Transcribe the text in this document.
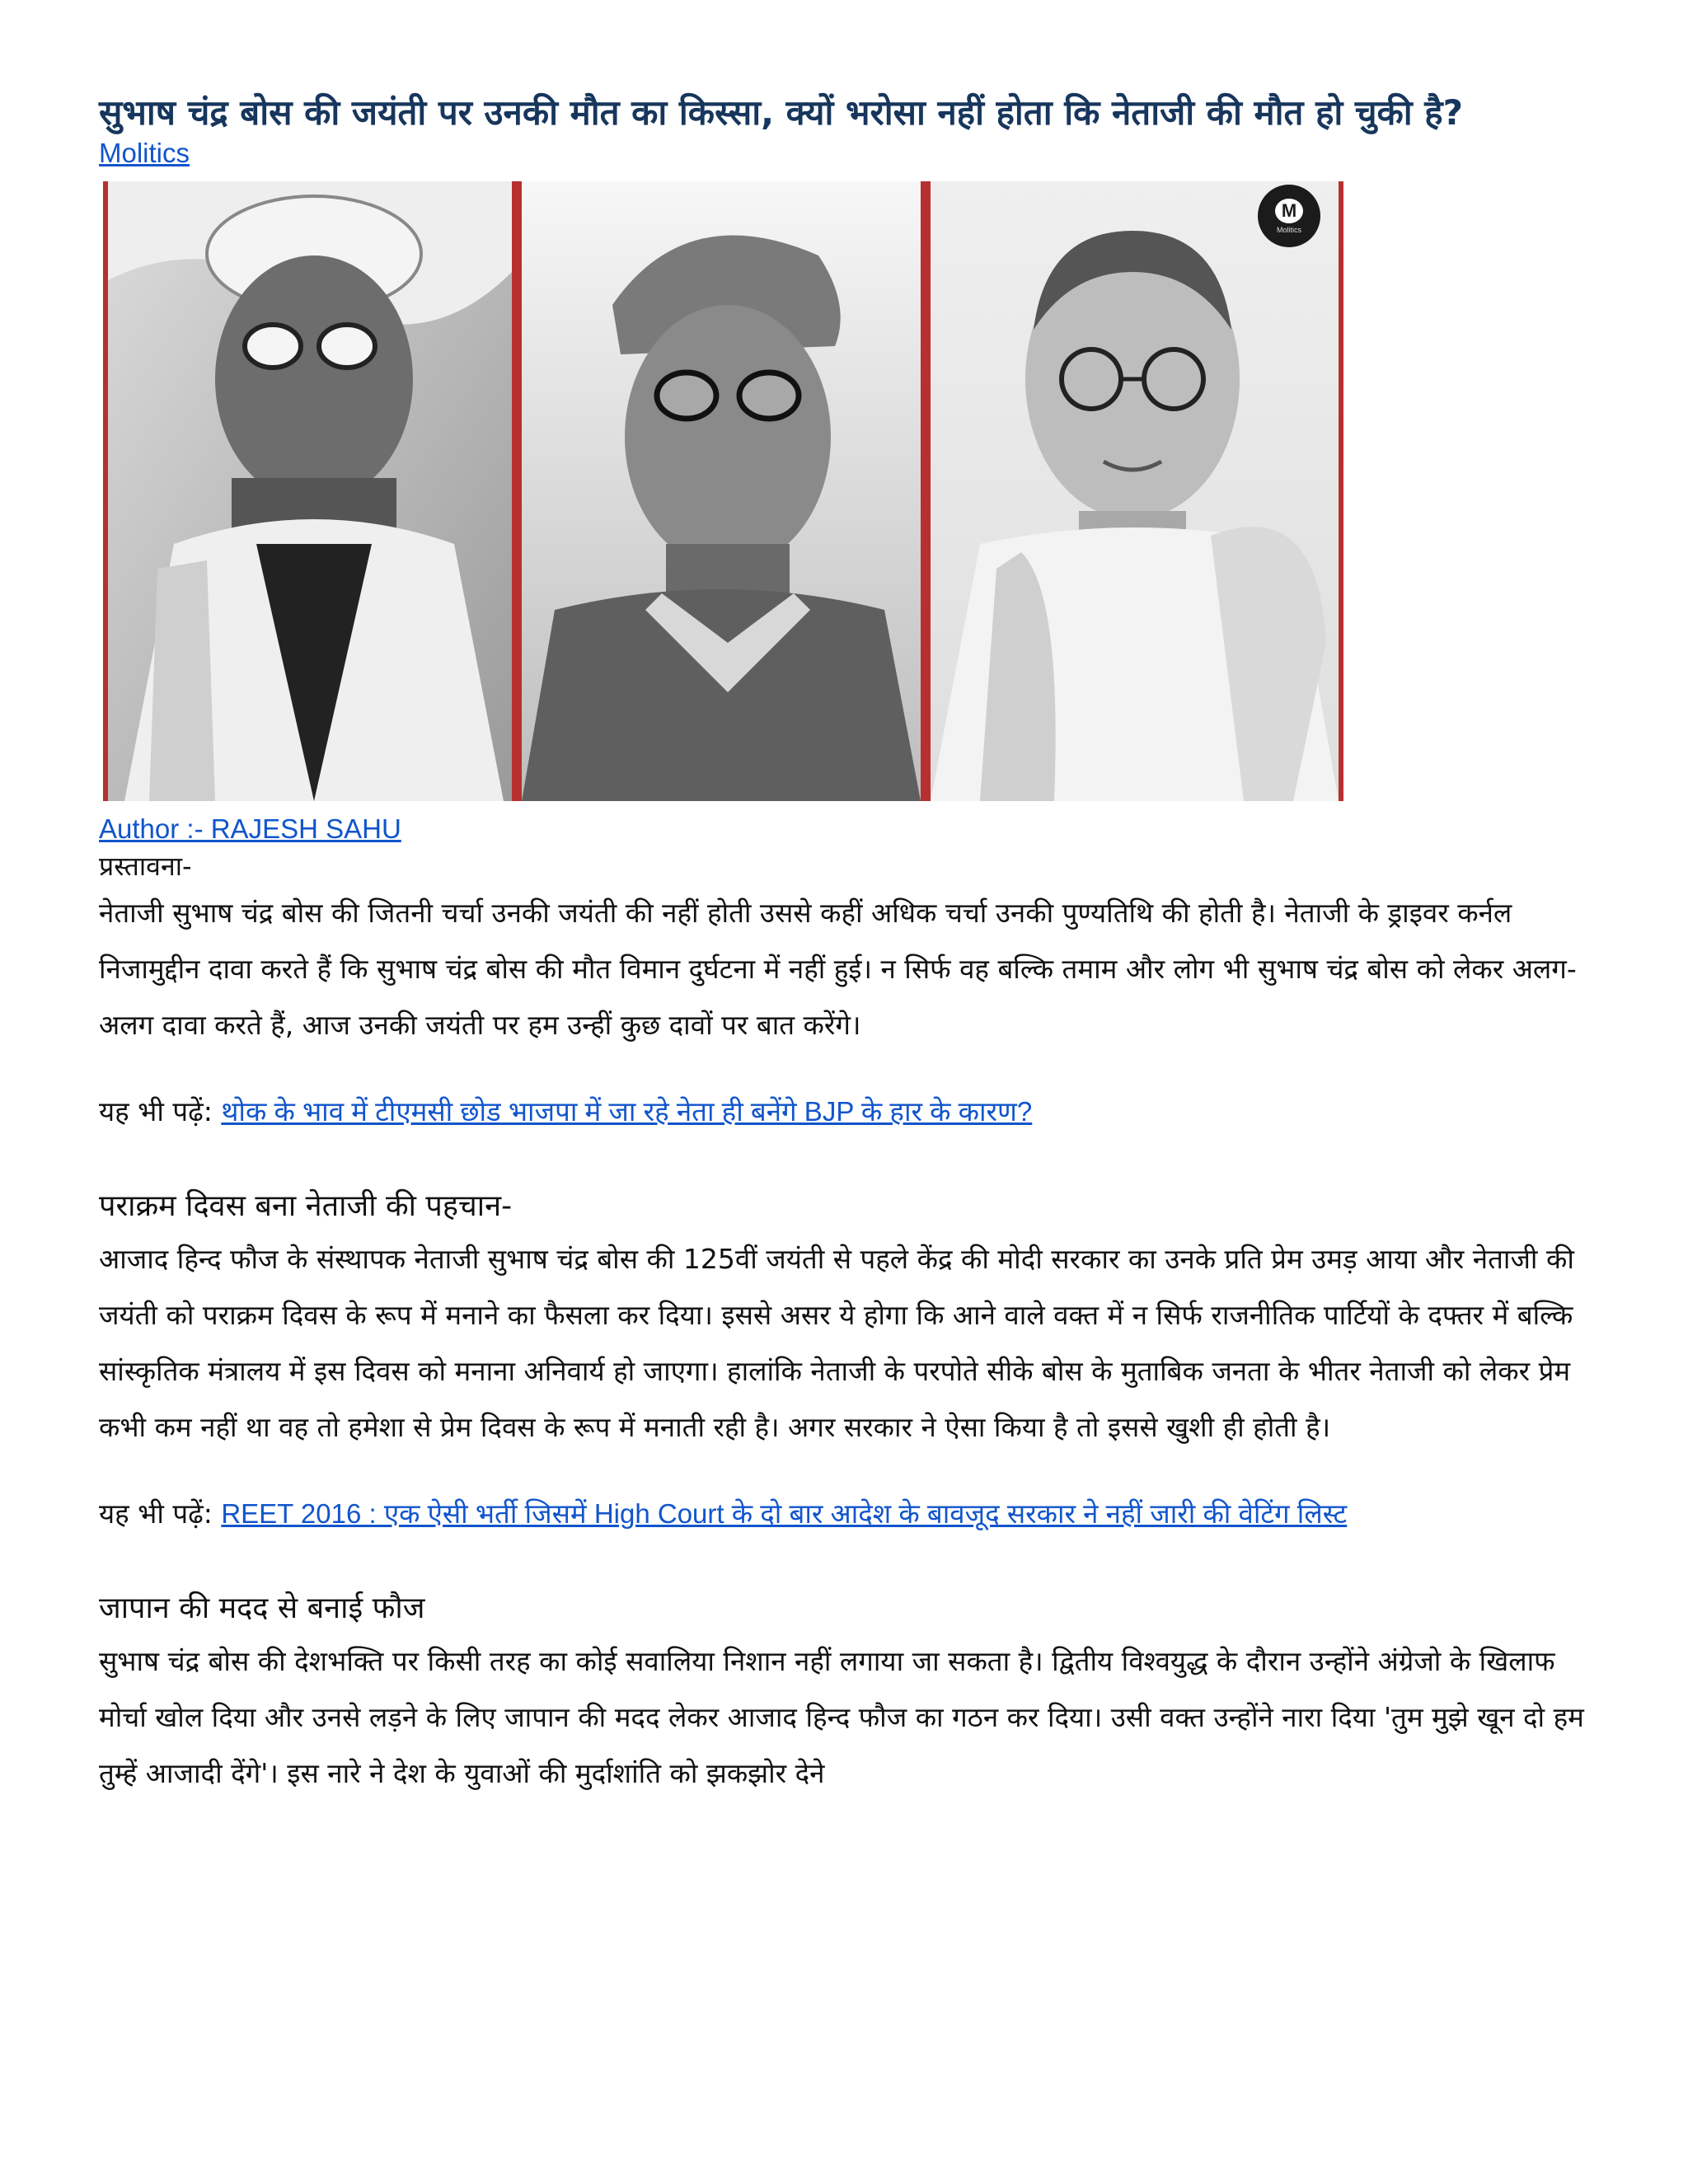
सुभाष चंद्र बोस की जयंती पर उनकी मौत का किस्सा, क्यों भरोसा नहीं होता कि नेताजी की मौत हो चुकी है?
Molitics
M
Molitics
Author :- RAJESH SAHU
प्रस्तावना-

नेताजी सुभाष चंद्र बोस की जितनी चर्चा उनकी जयंती की नहीं होती उससे कहीं अधिक चर्चा उनकी पुण्यतिथि की होती है। नेताजी के ड्राइवर कर्नल निजामुद्दीन दावा करते हैं कि सुभाष चंद्र बोस की मौत विमान दुर्घटना में नहीं हुई। न सिर्फ वह बल्कि तमाम और लोग भी सुभाष चंद्र बोस को लेकर अलग-अलग दावा करते हैं, आज उनकी जयंती पर हम उन्हीं कुछ दावों पर बात करेंगे।

यह भी पढ़ें: थोक के भाव में टीएमसी छोड भाजपा में जा रहे नेता ही बनेंगे BJP के हार के कारण?
पराक्रम दिवस बना नेताजी की पहचान-

आजाद हिन्द फौज के संस्थापक नेताजी सुभाष चंद्र बोस की 125वीं जयंती से पहले केंद्र की मोदी सरकार का उनके प्रति प्रेम उमड़ आया और नेताजी की जयंती को पराक्रम दिवस के रूप में मनाने का फैसला कर दिया। इससे असर ये होगा कि आने वाले वक्त में न सिर्फ राजनीतिक पार्टियों के दफ्तर में बल्कि सांस्कृतिक मंत्रालय में इस दिवस को मनाना अनिवार्य हो जाएगा। हालांकि नेताजी के परपोते सीके बोस के मुताबिक जनता के भीतर नेताजी को लेकर प्रेम कभी कम नहीं था वह तो हमेशा से प्रेम दिवस के रूप में मनाती रही है। अगर सरकार ने ऐसा किया है तो इससे खुशी ही होती है।

यह भी पढ़ें: REET 2016 : एक ऐसी भर्ती जिसमें High Court के दो बार आदेश के बावजूद सरकार ने नहीं जारी की वेटिंग लिस्ट
जापान की मदद से बनाई फौज

सुभाष चंद्र बोस की देशभक्ति पर किसी तरह का कोई सवालिया निशान नहीं लगाया जा सकता है। द्वितीय विश्वयुद्ध के दौरान उन्होंने अंग्रेजो के खिलाफ मोर्चा खोल दिया और उनसे लड़ने के लिए जापान की मदद लेकर आजाद हिन्द फौज का गठन कर दिया। उसी वक्त उन्होंने नारा दिया 'तुम मुझे खून दो हम तुम्हें आजादी देंगे'। इस नारे ने देश के युवाओं की मुर्दाशांति को झकझोर देने
